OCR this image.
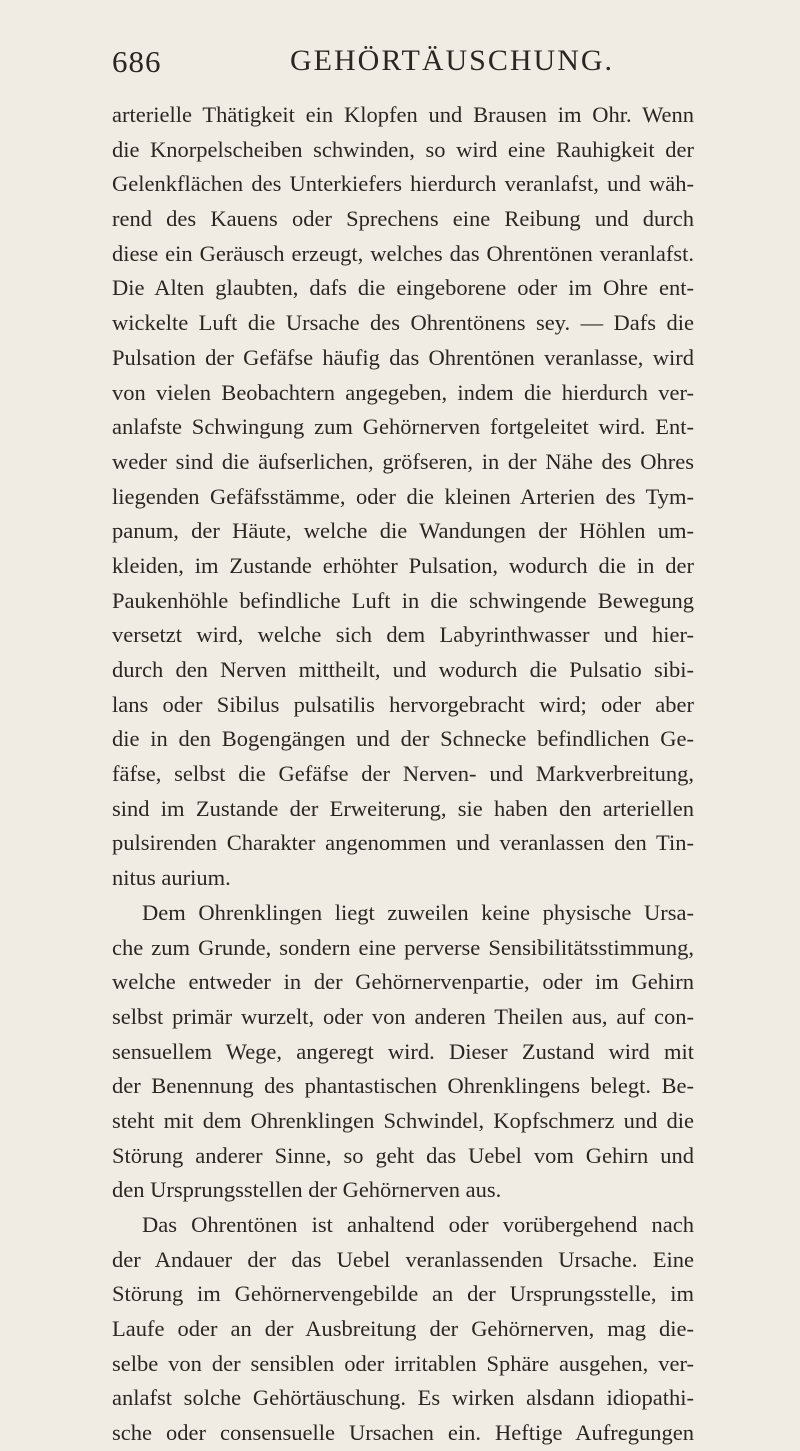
686	GEHÖRTÄUSCHUNG.
arterielle Thätigkeit ein Klopfen und Brausen im Ohr. Wenn
die Knorpelscheiben schwinden, so wird eine Rauhigkeit der
Gelenkflächen des Unterkiefers hierdurch veranlafst, und wäh-
rend des Kauens oder Sprechens eine Reibung und durch
diese ein Geräusch erzeugt, welches das Ohrentönen veranlafst.
Die Alten glaubten, dafs die eingeborene oder im Ohre ent-
wickelte Luft die Ursache des Ohrentönens sey. — Dafs die
Pulsation der Gefäfse häufig das Ohrentönen veranlasse, wird
von vielen Beobachtern angegeben, indem die hierdurch ver-
anlafste Schwingung zum Gehörnerven fortgeleitet wird. Ent-
weder sind die äufserlichen, gröfseren, in der Nähe des Ohres
liegenden Gefäfsstämme, oder die kleinen Arterien des Tym-
panum, der Häute, welche die Wandungen der Höhlen um-
kleiden, im Zustande erhöhter Pulsation, wodurch die in der
Paukenhöhle befindliche Luft in die schwingende Bewegung
versetzt wird, welche sich dem Labyrinthwasser und hier-
durch den Nerven mittheilt, und wodurch die Pulsatio sibi-
lans oder Sibilus pulsatilis hervorgebracht wird; oder aber
die in den Bogengängen und der Schnecke befindlichen Ge-
fäfse, selbst die Gefäfse der Nerven- und Markverbreitung,
sind im Zustande der Erweiterung, sie haben den arteriellen
pulsirenden Charakter angenommen und veranlassen den Tin-
nitus aurium.
Dem Ohrenklingen liegt zuweilen keine physische Ursa-
che zum Grunde, sondern eine perverse Sensibilitätsstimmung,
welche entweder in der Gehörnervenpartie, oder im Gehirn
selbst primär wurzelt, oder von anderen Theilen aus, auf con-
sensuellem Wege, angeregt wird. Dieser Zustand wird mit
der Benennung des phantastischen Ohrenklingens belegt. Be-
steht mit dem Ohrenklingen Schwindel, Kopfschmerz und die
Störung anderer Sinne, so geht das Uebel vom Gehirn und
den Ursprungsstellen der Gehörnerven aus.
Das Ohrentönen ist anhaltend oder vorübergehend nach
der Andauer der das Uebel veranlassenden Ursache. Eine
Störung im Gehörnervengebilde an der Ursprungsstelle, im
Laufe oder an der Ausbreitung der Gehörnerven, mag die-
selbe von der sensiblen oder irritablen Sphäre ausgehen, ver-
anlafst solche Gehörtäuschung. Es wirken alsdann idiopathi-
sche oder consensuelle Ursachen ein. Heftige Aufregungen
